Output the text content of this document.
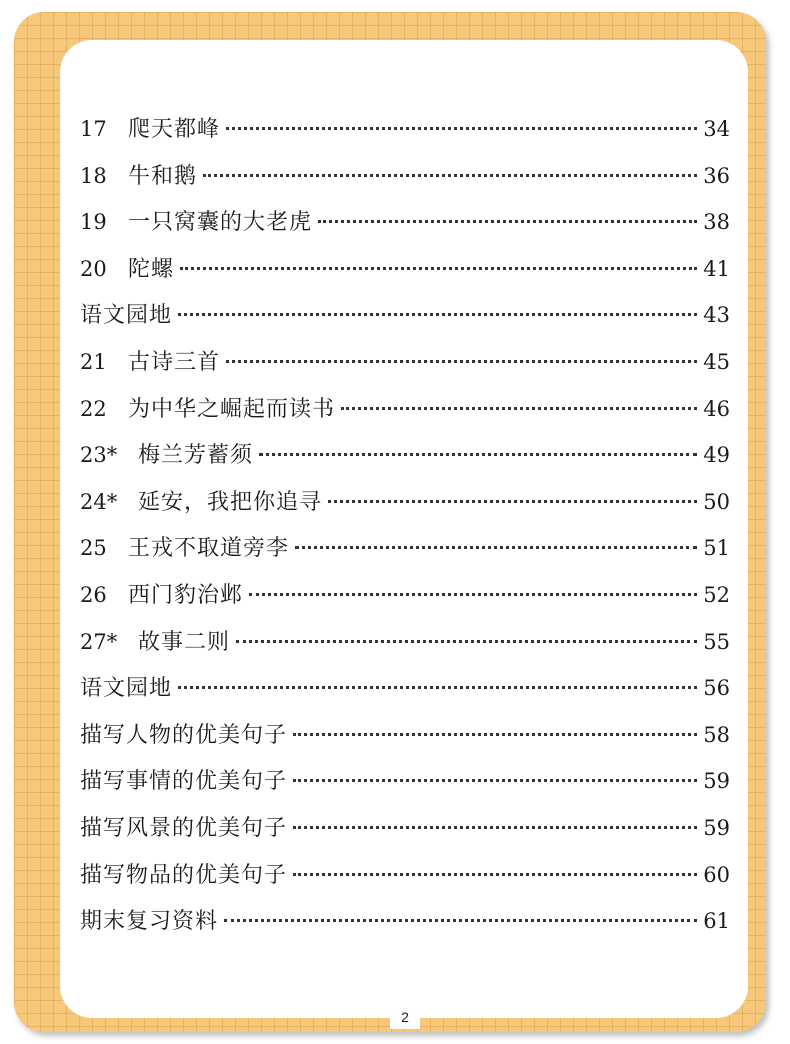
17 爬天都峰	34
18 牛和鹅	36
19 一只窝囊的大老虎	38
20 陀螺	41
语文园地	43
21 古诗三首	45
22 为中华之崛起而读书	46
23* 梅兰芳蓄须	49
24* 延安，我把你追寻	50
25 王戎不取道旁李	51
26 西门豹治邺	52
27* 故事二则	55
语文园地	56
描写人物的优美句子	58
描写事情的优美句子	59
描写风景的优美句子	59
描写物品的优美句子	60
期末复习资料	61
2
